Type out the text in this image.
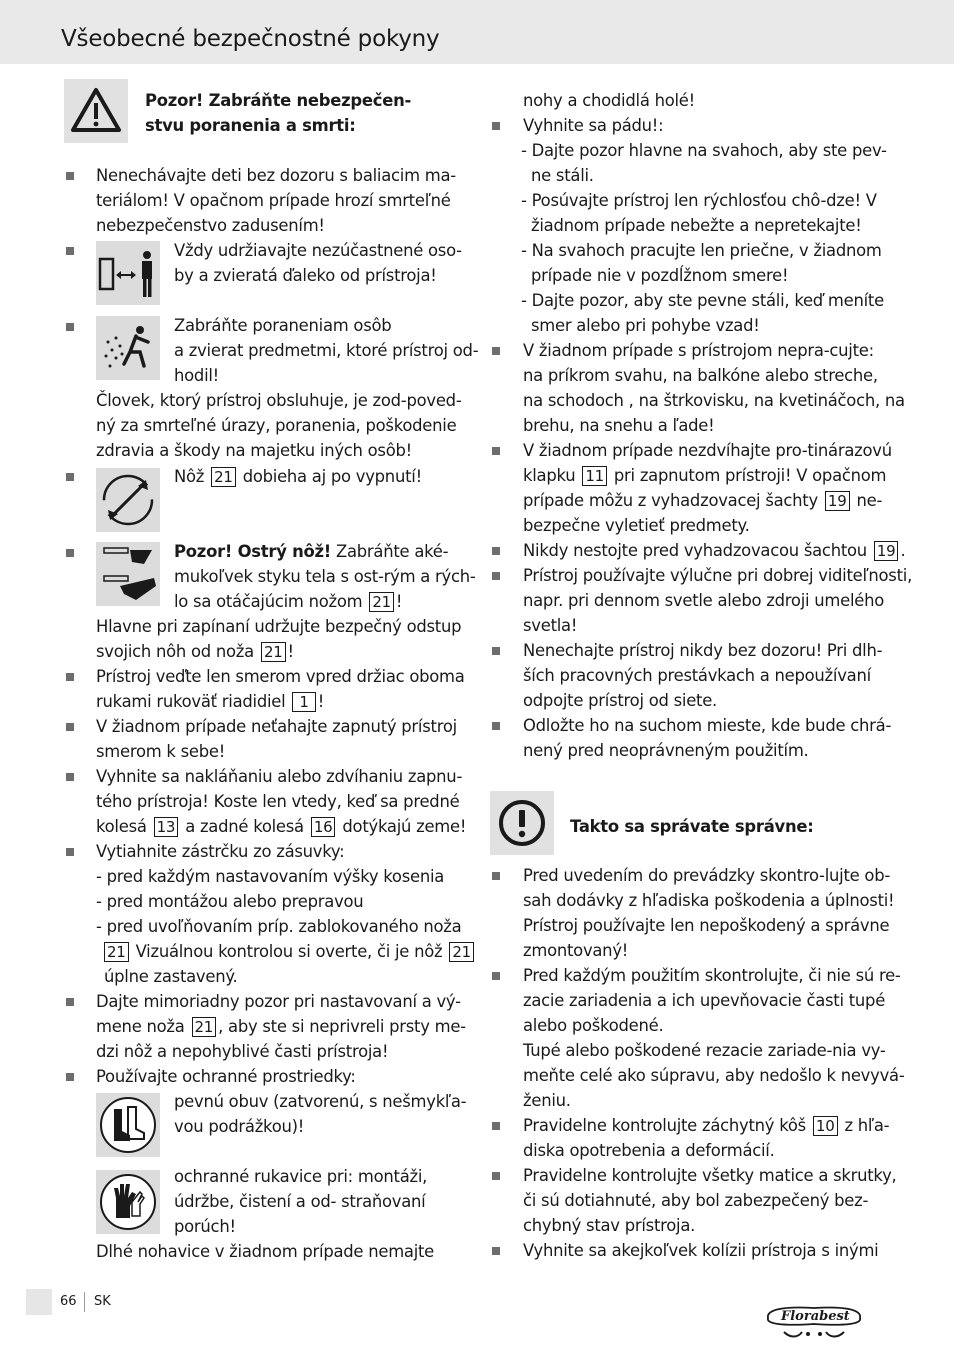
Všeobecné bezpečnostné pokyny
Pozor! Zabráňte nebezpečen-
stvu poranenia a smrti:
Nenechávajte deti bez dozoru s baliacim ma-
teriálom! V opačnom prípade hrozí smrteľné
nebezpečenstvo zadusením!
Vždy udržiavajte nezúčastnené oso-
by a zvieratá ďaleko od prístroja!
Zabráňte poraneniam osôb
a zvierat predmetmi, ktoré prístroj od-
hodil!
Človek, ktorý prístroj obsluhuje, je zod-poved-
ný za smrteľné úrazy, poranenia, poškodenie
zdravia a škody na majetku iných osôb!
Nôž 21 dobieha aj po vypnutí!
Pozor! Ostrý nôž! Zabráňte aké-
mukoľvek styku tela s ost-rým a rých-
lo sa otáčajúcim nožom 21 !
Hlavne pri zapínaní udržujte bezpečný odstup
svojich nôh od noža 21 !
Prístroj veďte len smerom vpred držiac oboma
rukami rukoväť riadidiel 1 !
V žiadnom prípade neťahajte zapnutý prístroj
smerom k sebe!
Vyhnite sa nakláňaniu alebo zdvíhaniu zapnu-
tého prístroja! Koste len vtedy, keď sa predné
kolesá 13 a zadné kolesá 16 dotýkajú zeme!
Vytiahnite zástrčku zo zásuvky:
- pred každým nastavovaním výšky kosenia
- pred montážou alebo prepravou
- pred uvoľňovaním príp. zablokovaného noža
21 Vizuálnou kontrolou si overte, či je nôž 21
úplne zastavený.
Dajte mimoriadny pozor pri nastavovaní a vý-
mene noža 21 , aby ste si neprivreli prsty me-
dzi nôž a nepohyblivé časti prístroja!
Používajte ochranné prostriedky:
pevnú obuv (zatvorenú, s nešmykľa-
vou podrážkou)!
ochranné rukavice pri: montáži,
údržbe, čistení a od- straňovaní
porúch!
Dlhé nohavice v žiadnom prípade nemajte
nohy a chodidlá holé!
Vyhnite sa pádu!:
- Dajte pozor hlavne na svahoch, aby ste pev-
ne stáli.
- Posúvajte prístroj len rýchlosťou chô-dze! V
žiadnom prípade nebežte a nepretekajte!
- Na svahoch pracujte len priečne, v žiadnom
prípade nie v pozdĺžnom smere!
- Dajte pozor, aby ste pevne stáli, keď meníte
smer alebo pri pohybe vzad!
V žiadnom prípade s prístrojom nepra-cujte:
na príkrom svahu, na balkóne alebo streche,
na schodoch , na štrkovisku, na kvetináčoch, na
brehu, na snehu a ľade!
V žiadnom prípade nezdvíhajte pro-tinárazovú
klapku 11 pri zapnutom prístroji! V opačnom
prípade môžu z vyhadzovacej šachty 19 ne-
bezpečne vyletieť predmety.
Nikdy nestojte pred vyhadzovacou šachtou 19 .
Prístroj používajte výlučne pri dobrej viditeľnosti,
napr. pri dennom svetle alebo zdroji umelého
svetla!
Nenechajte prístroj nikdy bez dozoru! Pri dlh-
ších pracovných prestávkach a nepoužívaní
odpojte prístroj od siete.
Odložte ho na suchom mieste, kde bude chrá-
nený pred neoprávneným použitím.
Takto sa správate správne:
Pred uvedením do prevádzky skontro-lujte ob-
sah dodávky z hľadiska poškodenia a úplnosti!
Prístroj používajte len nepoškodený a správne
zmontovaný!
Pred každým použitím skontrolujte, či nie sú re-
zacie zariadenia a ich upevňovacie časti tupé
alebo poškodené.
Tupé alebo poškodené rezacie zariade-nia vy-
meňte celé ako súpravu, aby nedošlo k nevyvá-
ženiu.
Pravidelne kontrolujte záchytný kôš 10 z hľa-
diska opotrebenia a deformácií.
Pravidelne kontrolujte všetky matice a skrutky,
či sú dotiahnuté, aby bol zabezpečený bez-
chybný stav prístroja.
Vyhnite sa akejkoľvek kolízii prístroja s inými
66 SK
Florabest
